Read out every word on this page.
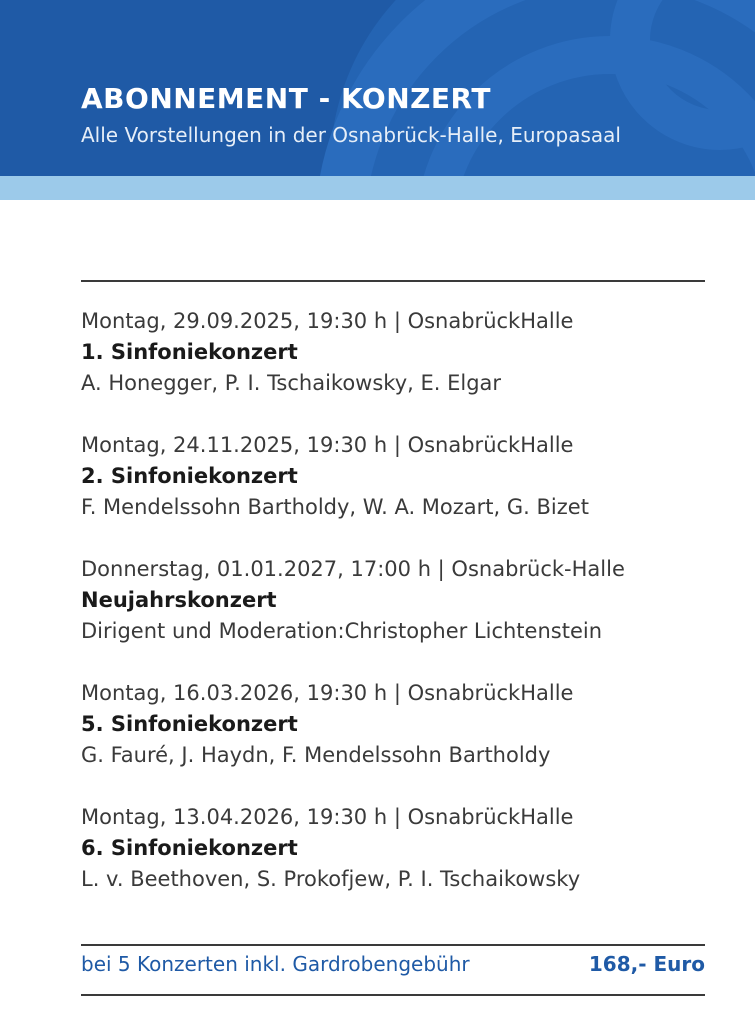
ABONNEMENT - KONZERT
Alle Vorstellungen in der Osnabrück-Halle, Europasaal
Montag, 29.09.2025, 19:30 h | OsnabrückHalle
1. Sinfoniekonzert
A. Honegger, P. I. Tschaikowsky, E. Elgar
Montag, 24.11.2025, 19:30 h | OsnabrückHalle
2. Sinfoniekonzert
F. Mendelssohn Bartholdy, W. A. Mozart, G. Bizet
Donnerstag, 01.01.2027, 17:00 h | Osnabrück-Halle
Neujahrskonzert
Dirigent und Moderation:Christopher Lichtenstein
Montag, 16.03.2026, 19:30 h | OsnabrückHalle
5. Sinfoniekonzert
G. Fauré, J. Haydn, F. Mendelssohn Bartholdy
Montag, 13.04.2026, 19:30 h | OsnabrückHalle
6. Sinfoniekonzert
L. v. Beethoven, S. Prokofjew, P. I. Tschaikowsky
bei 5 Konzerten inkl. Gardrobengebühr	168,- Euro
